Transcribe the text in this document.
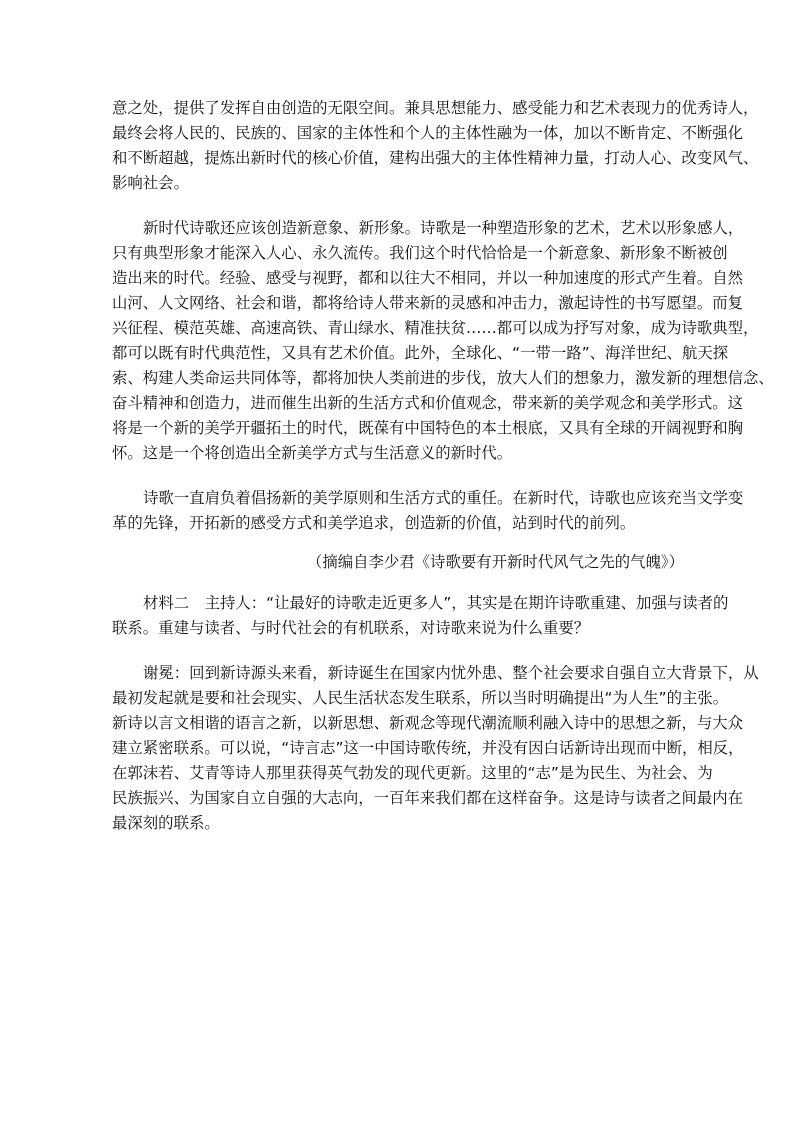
意之处，提供了发挥自由创造的无限空间。兼具思想能力、感受能力和艺术表现力的优秀诗人，
最终会将人民的、民族的、国家的主体性和个人的主体性融为一体，加以不断肯定、不断强化
和不断超越，提炼出新时代的核心价值，建构出强大的主体性精神力量，打动人心、改变风气、
影响社会。
新时代诗歌还应该创造新意象、新形象。诗歌是一种塑造形象的艺术，艺术以形象感人，
只有典型形象才能深入人心、永久流传。我们这个时代恰恰是一个新意象、新形象不断被创
造出来的时代。经验、感受与视野，都和以往大不相同，并以一种加速度的形式产生着。自然
山河、人文网络、社会和谐，都将给诗人带来新的灵感和冲击力，激起诗性的书写愿望。而复
兴征程、模范英雄、高速高铁、青山绿水、精准扶贫……都可以成为抒写对象，成为诗歌典型，
都可以既有时代典范性，又具有艺术价值。此外，全球化、“一带一路”、海洋世纪、航天探
索、构建人类命运共同体等，都将加快人类前进的步伐，放大人们的想象力，激发新的理想信念、
奋斗精神和创造力，进而催生出新的生活方式和价值观念，带来新的美学观念和美学形式。这
将是一个新的美学开疆拓土的时代，既葆有中国特色的本土根底，又具有全球的开阔视野和胸
怀。这是一个将创造出全新美学方式与生活意义的新时代。
诗歌一直肩负着倡扬新的美学原则和生活方式的重任。在新时代，诗歌也应该充当文学变
革的先锋，开拓新的感受方式和美学追求，创造新的价值，站到时代的前列。
（摘编自李少君《诗歌要有开新时代风气之先的气魄》）
材料二　主持人：“让最好的诗歌走近更多人”，其实是在期许诗歌重建、加强与读者的
联系。重建与读者、与时代社会的有机联系，对诗歌来说为什么重要？
谢冕：回到新诗源头来看，新诗诞生在国家内忧外患、整个社会要求自强自立大背景下，从
最初发起就是要和社会现实、人民生活状态发生联系，所以当时明确提出“为人生”的主张。
新诗以言文相谐的语言之新，以新思想、新观念等现代潮流顺利融入诗中的思想之新，与大众
建立紧密联系。可以说，“诗言志”这一中国诗歌传统，并没有因白话新诗出现而中断，相反，
在郭沫若、艾青等诗人那里获得英气勃发的现代更新。这里的“志”是为民生、为社会、为
民族振兴、为国家自立自强的大志向，一百年来我们都在这样奋争。这是诗与读者之间最内在
最深刻的联系。
